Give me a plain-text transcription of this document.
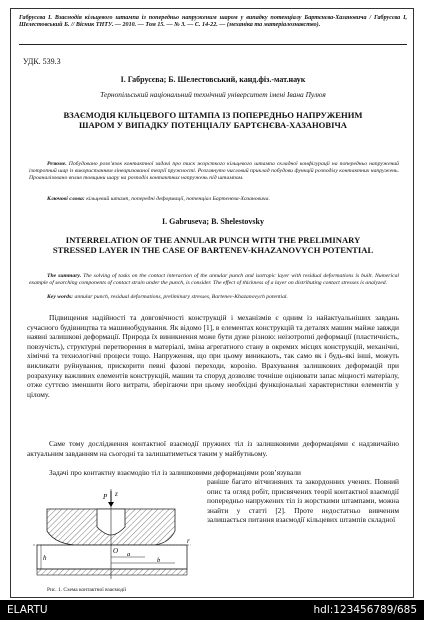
Габрусєва І. Взаємодія кільцевого штампа із попередньо напруженим шаром у випадку потенціалу Бартєнєва-Хазановича / Габрусєва І, Шелестовський Б. // Вісник ТНТУ. — 2010. — Том 15. — № 3. — С. 14-22. — (механіка та матеріалознавство).
УДК. 539.3
І. Габрусєва; Б. Шелестовський, канд.фіз.-мат.наук
Тернопільський національний технічний університет імені Івана Пулюя
ВЗАЄМОДІЯ КІЛЬЦЕВОГО ШТАМПА ІЗ ПОПЕРЕДНЬО НАПРУЖЕНИМ ШАРОМ У ВИПАДКУ ПОТЕНЦІАЛУ БАРТЄНЄВА-ХАЗАНОВІЧА
Резюме. Побудовано розв’язок контактної задачі про тиск жорсткого кільцевого штампа складної конфігурації на попередньо напружений ізотропний шар із використанням лінеаризованої теорії пружності. Розглянуто числовий приклад побудови функцій розподілу контактних напружень. Проаналізовано вплив товщини шару на розподіл контактних напружень під штампом.
Ключові слова: кільцевий штамп, попередні деформації, потенціал Бартєнєва-Хазановича.
I. Gabruseva; B. Shelestovsky
INTERRELATION OF THE ANNULAR PUNCH WITH THE PRELIMINARY STRESSED LAYER IN THE CASE OF BARTENEV-KHAZANOVYCH POTENTIAL
The summary. The solving of tasks on the contact interaction of the annular punch and isotropic layer with residual deformations is built. Numerical example of searching components of contact strain under the punch, is consider. The effect of thickness of a layer on distributing contact stresses is analyzed.
Key words: annular punch, residual deformations, preliminary stresses, Bartenev-Khazanovych potential.
Підвищення надійності та довговічності конструкцій і механізмів є одним із найактуальніших завдань сучасного будівництва та машинобудування. Як відомо [1], в елементах конструкцій та деталях машин майже завжди наявні залишкові деформації. Природа їх виникнення може бути дуже різною: неізотропні деформації (пластичність, повзучість), структурні перетворення в матеріалі, зміна агрегатного стану в окремих місцях конструкцій, механічні, хімічні та технологічні процеси тощо. Напруження, що при цьому виникають, так само як і будь-які інші, можуть викликати руйнування, прискорити певні фазові переходи, корозію. Врахування залишкових деформацій при розрахунку важливих елементів конструкцій, машин та споруд дозволяє точніше оцінювати запас міцності матеріалу, отже суттєво зменшити його витрати, зберігаючи при цьому необхідні функціональні характеристики елементів у цілому.
Саме тому дослідження контактної взаємодії пружних тіл із залишковими деформаціями є надзвичайно актуальним завданням на сьогодні та залишатиметься таким у майбутньому.
Задачі про контактну взаємодію тіл із залишковими деформаціями розв’язували
раніше багато вітчизняних та закордонних учених. Повний опис та огляд робіт, присвячених теорії контактної взаємодії попередньо напружених тіл із жорсткими штампами, можна знайти у статті [2]. Проте недостатньо вивченим залишається питання взаємодії кільцевих штампів складної
z
P
r
O
h	a
b
Рис. 1. Схема контактної взаємодії
ELARTU	hdl:123456789/685
